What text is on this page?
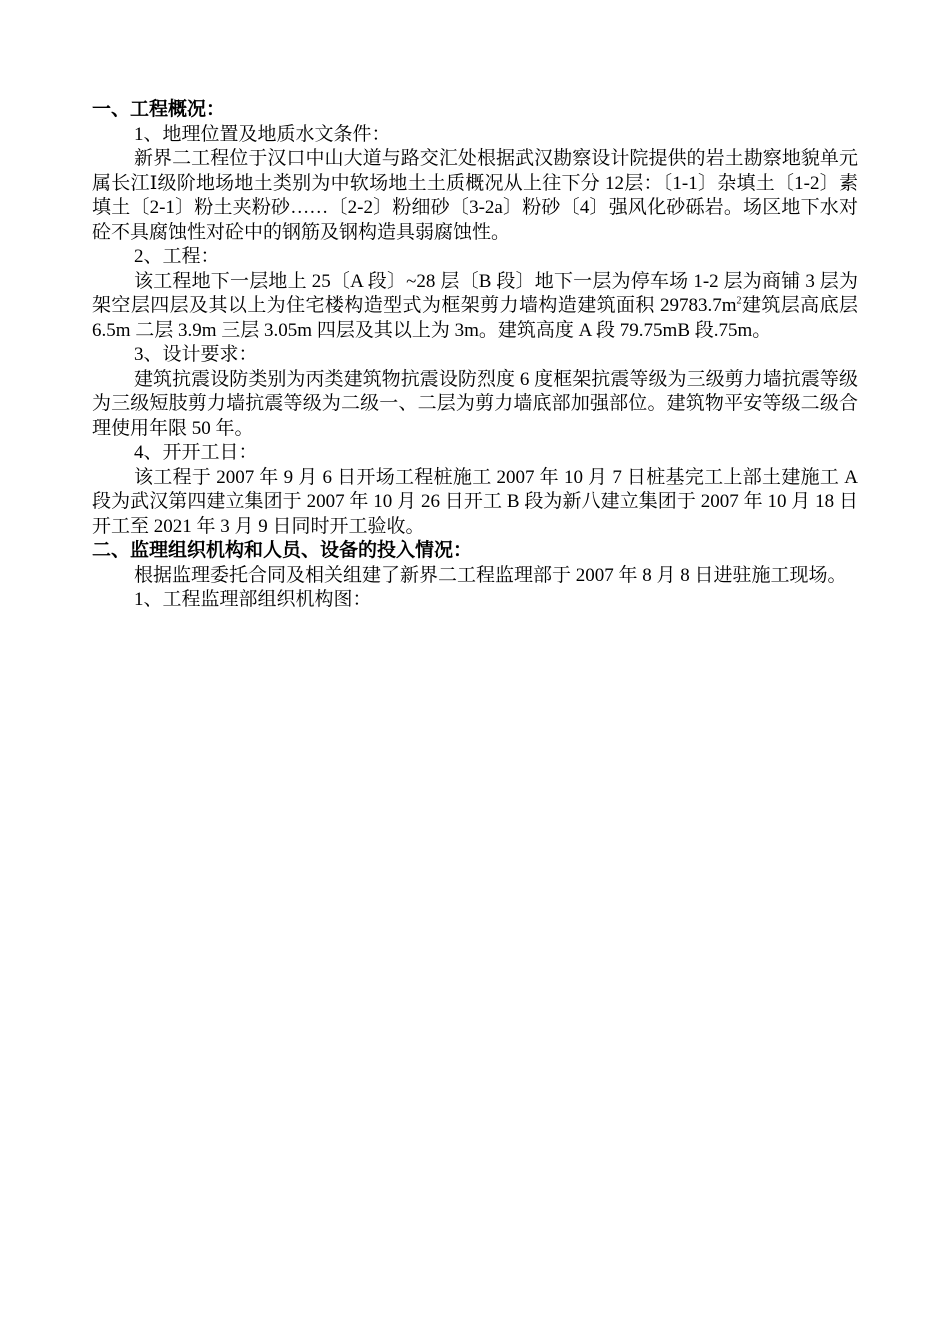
一、工程概况：

1、地理位置及地质水文条件：

新界二工程位于汉口中山大道与路交汇处根据武汉勘察设计院提供的岩土勘察地貌单元属长江Ⅰ级阶地场地土类别为中软场地土土质概况从上往下分 12层：〔1-1〕杂填土〔1-2〕素填土〔2-1〕粉土夹粉砂……〔2-2〕粉细砂〔3-2a〕粉砂〔4〕强风化砂砾岩。场区地下水对砼不具腐蚀性对砼中的钢筋及钢构造具弱腐蚀性。

2、工程：

该工程地下一层地上 25〔A 段〕~28 层〔B 段〕地下一层为停车场 1-2 层为商铺 3 层为架空层四层及其以上为住宅楼构造型式为框架剪力墙构造建筑面积 $29783.7m^2$建筑层高底层 6.5m 二层 3.9m 三层 3.05m 四层及其以上为 3m。建筑高度 A 段 79.75mB 段.75m。

3、设计要求：

建筑抗震设防类别为丙类建筑物抗震设防烈度 6 度框架抗震等级为三级剪力墙抗震等级为三级短肢剪力墙抗震等级为二级一、二层为剪力墙底部加强部位。建筑物平安等级二级合理使用年限 50 年。

4、开开工日：

该工程于 2007 年 9 月 6 日开场工程桩施工 2007 年 10 月 7 日桩基完工上部土建施工 A 段为武汉第四建立集团于 2007 年 10 月 26 日开工 B 段为新八建立集团于 2007 年 10 月 18 日开工至 2021 年 3 月 9 日同时开工验收。

二、监理组织机构和人员、设备的投入情况：

根据监理委托合同及相关组建了新界二工程监理部于 2007 年 8 月 8 日进驻施工现场。

1、工程监理部组织机构图：
